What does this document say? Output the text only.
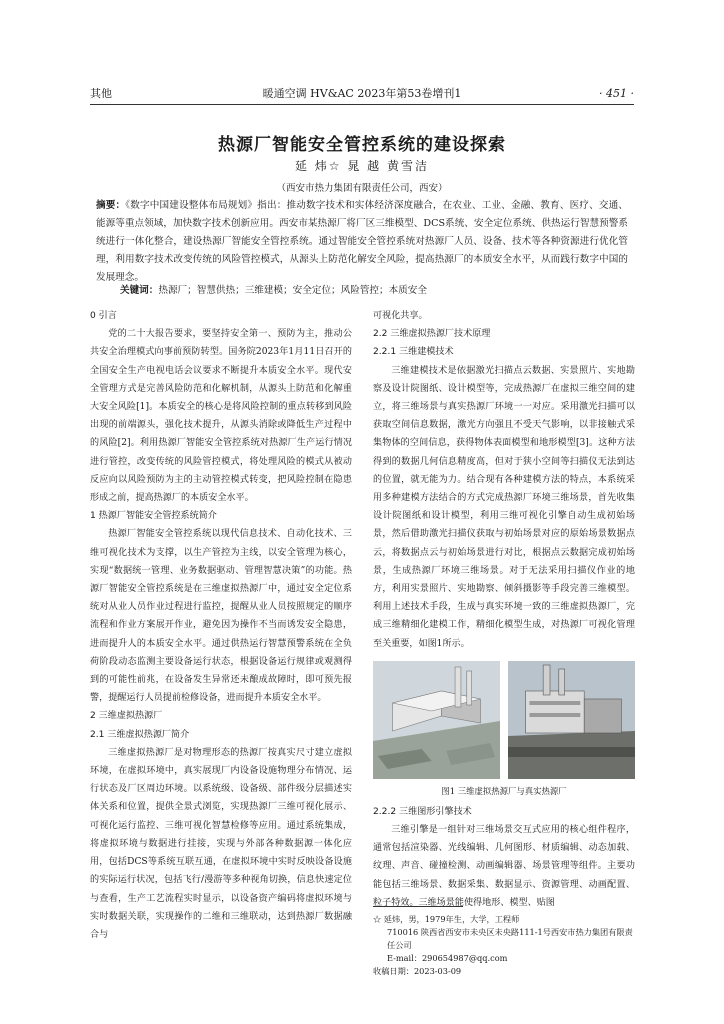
其他	暖通空调 HV&AC 2023年第53卷增刊1	· 451 ·
热源厂智能安全管控系统的建设探索
延 炜☆ 晁 越 黄雪洁
（西安市热力集团有限责任公司，西安）
摘要：《数字中国建设整体布局规划》指出：推动数字技术和实体经济深度融合，在农业、工业、金融、教育、医疗、交通、能源等重点领域，加快数字技术创新应用。西安市某热源厂将厂区三维模型、DCS系统、安全定位系统、供热运行智慧预警系统进行一体化整合，建设热源厂智能安全管控系统。通过智能安全管控系统对热源厂人员、设备、技术等各种资源进行优化管理，利用数字技术改变传统的风险管控模式，从源头上防范化解安全风险，提高热源厂的本质安全水平，从而践行数字中国的发展理念。
关键词：热源厂；智慧供热；三维建模；安全定位；风险管控；本质安全
0 引言

党的二十大报告要求，要坚持安全第一、预防为主，推动公共安全治理模式向事前预防转型。国务院2023年1月11日召开的全国安全生产电视电话会议要求不断提升本质安全水平。现代安全管理方式是完善风险防范和化解机制，从源头上防范和化解重大安全风险[1]。本质安全的核心是将风险控制的重点转移到风险出现的前端源头，强化技术提升，从源头消除或降低生产过程中的风险[2]。利用热源厂智能安全管控系统对热源厂生产运行情况进行管控，改变传统的风险管控模式，将处理风险的模式从被动反应向以风险预防为主的主动管控模式转变，把风险控制在隐患形成之前，提高热源厂的本质安全水平。

1 热源厂智能安全管控系统简介

热源厂智能安全管控系统以现代信息技术、自动化技术、三维可视化技术为支撑，以生产管控为主线，以安全管理为核心，实现“数据统一管理、业务数据驱动、管理智慧决策”的功能。热源厂智能安全管控系统是在三维虚拟热源厂中，通过安全定位系统对从业人员作业过程进行监控，提醒从业人员按照规定的顺序流程和作业方案展开作业，避免因为操作不当而诱发安全隐患，进而提升人的本质安全水平。通过供热运行智慧预警系统在全负荷阶段动态监测主要设备运行状态，根据设备运行规律或观测得到的可能性前兆，在设备发生异常还未酿成故障时，即可预先报警，提醒运行人员提前检修设备，进而提升本质安全水平。

2 三维虚拟热源厂
2.1 三维虚拟热源厂简介

三维虚拟热源厂是对物理形态的热源厂按真实尺寸建立虚拟环境，在虚拟环境中，真实展现厂内设备设施物理分布情况、运行状态及厂区周边环境。以系统级、设备级、部件级分层描述实体关系和位置，提供全景式浏览，实现热源厂三维可视化展示、可视化运行监控、三维可视化智慧检修等应用。通过系统集成，将虚拟环境与数据进行挂接，实现与外部各种数据源一体化应用，包括DCS等系统互联互通，在虚拟环境中实时反映设备设施的实际运行状况，包括飞行/漫游等多种视角切换，信息快速定位与查看，生产工艺流程实时显示，以设备资产编码将虚拟环境与实时数据关联，实现操作的二维和三维联动，达到热源厂数据融合与

可视化共享。
2.2 三维虚拟热源厂技术原理
2.2.1 三维建模技术

三维建模技术是依据激光扫描点云数据、实景照片、实地勘察及设计院图纸、设计模型等，完成热源厂在虚拟三维空间的建立，将三维场景与真实热源厂环境一一对应。采用激光扫描可以获取空间信息数据，激光方向强且不受天气影响，以非接触式采集物体的空间信息，获得物体表面模型和地形模型[3]。这种方法得到的数据几何信息精度高，但对于狭小空间等扫描仪无法到达的位置，就无能为力。结合现有各种建模方法的特点，本系统采用多种建模方法结合的方式完成热源厂环境三维场景，首先收集设计院图纸和设计模型，利用三维可视化引擎自动生成初始场景，然后借助激光扫描仪获取与初始场景对应的原始场景数据点云，将数据点云与初始场景进行对比，根据点云数据完成初始场景，生成热源厂环境三维场景。对于无法采用扫描仪作业的地方，利用实景照片、实地勘察、倾斜摄影等手段完善三维模型。利用上述技术手段，生成与真实环境一致的三维虚拟热源厂，完成三维精细化建模工作，精细化模型生成，对热源厂可视化管理至关重要，如图1所示。

图1 三维虚拟热源厂与真实热源厂
2.2.2 三维图形引擎技术

三维引擎是一组针对三维场景交互式应用的核心组件程序，通常包括渲染器、光线编辑、几何图形、材质编辑、动态加载、纹理、声音、碰撞检测、动画编辑器、场景管理等组件。主要功能包括三维场景、数据采集、数据显示、资源管理、动画配置、粒子特效。三维场景能使得地形、模型、贴图

☆ 延炜，男，1979年生，大学，工程师
710016 陕西省西安市未央区未央路111-1号西安市热力集团有限责任公司
E-mail：290654987@qq.com
收稿日期：2023-03-09
